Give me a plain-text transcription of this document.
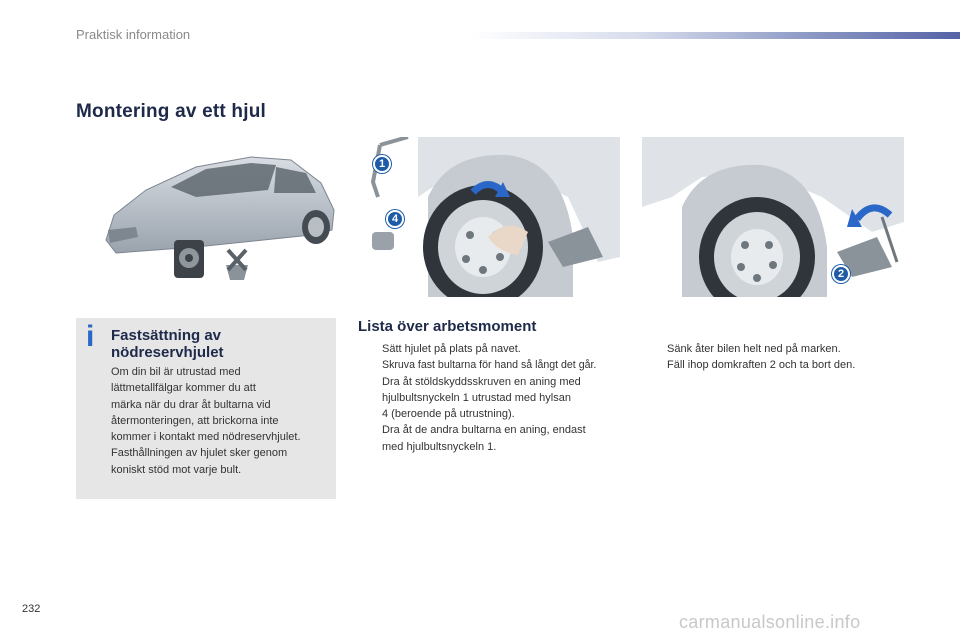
Praktisk information
Montering av ett hjul
1
4
2
i	Fastsättning av nödreservhjulet
Om din bil är utrustad med
lättmetallfälgar kommer du att
märka när du drar åt bultarna vid
återmonteringen, att brickorna inte
kommer i kontakt med nödreservhjulet.
Fasthållningen av hjulet sker genom
koniskt stöd mot varje bult.
Lista över arbetsmoment
Sätt hjulet på plats på navet.
Skruva fast bultarna för hand så långt det går.
Dra åt stöldskyddsskruven en aning med
hjulbultsnyckeln 1 utrustad med hylsan
4 (beroende på utrustning).
Dra åt de andra bultarna en aning, endast
med hjulbultsnyckeln 1.
Sänk åter bilen helt ned på marken.
Fäll ihop domkraften 2 och ta bort den.
232
carmanualsonline.info
